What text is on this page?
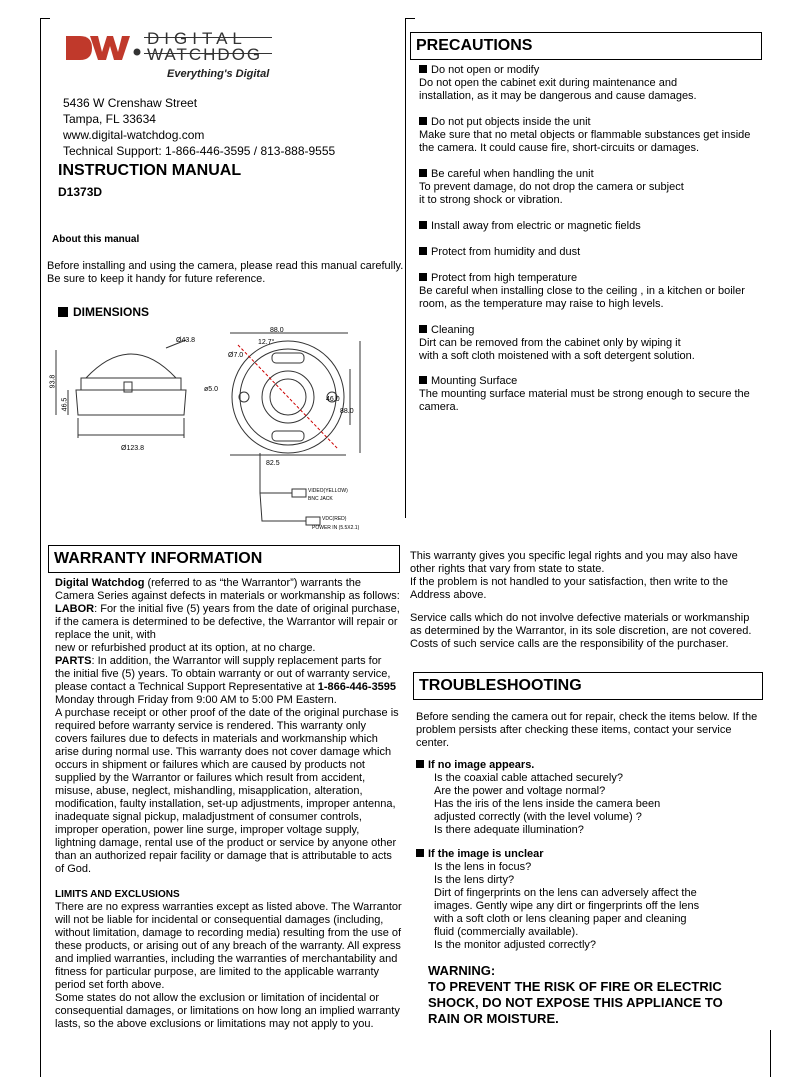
DIGITAL
WATCHDOG
Everything's Digital
5436 W Crenshaw Street
Tampa, FL 33634
www.digital-watchdog.com
Technical Support: 1-866-446-3595 / 813-888-9555
INSTRUCTION MANUAL
D1373D
About this manual
Before installing and using the camera, please read this manual carefully.
Be sure to keep it handy for future reference.
DIMENSIONS
Ø43.8
93.8
46.5
Ø123.8
88.0
12.7°
Ø7.0
ø5.0
46.0
88.0
82.5
VIDEO(YELLOW)
BNC JACK
VDC(RED)
POWER IN (5.5X2.1)
PRECAUTIONS
Do not open or modify
Do not open the cabinet exit during maintenance and
installation, as it may be dangerous and cause damages.
Do not put objects inside the unit
Make sure that no metal objects or flammable substances get inside
the camera. It could cause fire, short-circuits or damages.
Be careful when handling the unit
To prevent damage, do not drop the camera or subject
it to strong shock or vibration.
Install away from electric or magnetic fields
Protect from humidity and dust
Protect from high temperature
Be careful when installing close to the ceiling , in a kitchen or boiler
room, as the temperature may raise to high levels.
Cleaning
Dirt can be removed from the cabinet only by wiping it
with a soft cloth moistened with a soft detergent solution.
Mounting Surface
The mounting surface material must be strong enough to secure the
camera.
WARRANTY INFORMATION
Digital Watchdog (referred to as “the Warrantor”) warrants the
Camera Series against defects in materials or workmanship as follows:
LABOR: For the initial five (5) years from the date of original purchase,
if the camera is determined to be defective, the Warrantor will repair or
replace the unit, with
new or refurbished product at its option, at no charge.
PARTS: In addition, the Warrantor will supply replacement parts for
the initial five (5) years. To obtain warranty or out of warranty service,
please contact a Technical Support Representative at 1-866-446-3595
Monday through Friday from 9:00 AM to 5:00 PM Eastern.
A purchase receipt or other proof of the date of the original purchase is
required before warranty service is rendered. This warranty only
covers failures due to defects in materials and workmanship which
arise during normal use. This warranty does not cover damage which
occurs in shipment or failures which are caused by products not
supplied by the Warrantor or failures which result from accident,
misuse, abuse, neglect, mishandling, misapplication, alteration,
modification, faulty installation, set-up adjustments, improper antenna,
inadequate signal pickup, maladjustment of consumer controls,
improper operation, power line surge, improper voltage supply,
lightning damage, rental use of the product or service by anyone other
than an authorized repair facility or damage that is attributable to acts
of God.
LIMITS AND EXCLUSIONS
There are no express warranties except as listed above. The Warrantor
will not be liable for incidental or consequential damages (including,
without limitation, damage to recording media) resulting from the use of
these products, or arising out of any breach of the warranty. All express
and implied warranties, including the warranties of merchantability and
fitness for particular purpose, are limited to the applicable warranty
period set forth above.
Some states do not allow the exclusion or limitation of incidental or
consequential damages, or limitations on how long an implied warranty
lasts, so the above exclusions or limitations may not apply to you.
This warranty gives you specific legal rights and you may also have
other rights that vary from state to state.
If the problem is not handled to your satisfaction, then write to the
Address above.
Service calls which do not involve defective materials or workmanship
as determined by the Warrantor, in its sole discretion, are not covered.
Costs of such service calls are the responsibility of the purchaser.
TROUBLESHOOTING
Before sending the camera out for repair, check the items below. If the
problem persists after checking these items, contact your service
center.
If no image appears.
Is the coaxial cable attached securely?
Are the power and voltage normal?
Has the iris of the lens inside the camera been
adjusted correctly (with the level volume) ?
Is there adequate illumination?
If the image is unclear
Is the lens in focus?
Is the lens dirty?
Dirt of fingerprints on the lens can adversely affect the
images. Gently wipe any dirt or fingerprints off the lens
with a soft cloth or lens cleaning paper and cleaning
fluid (commercially available).
Is the monitor adjusted correctly?
WARNING:
TO PREVENT THE RISK OF FIRE OR ELECTRIC
SHOCK, DO NOT EXPOSE THIS APPLIANCE TO
RAIN OR MOISTURE.
